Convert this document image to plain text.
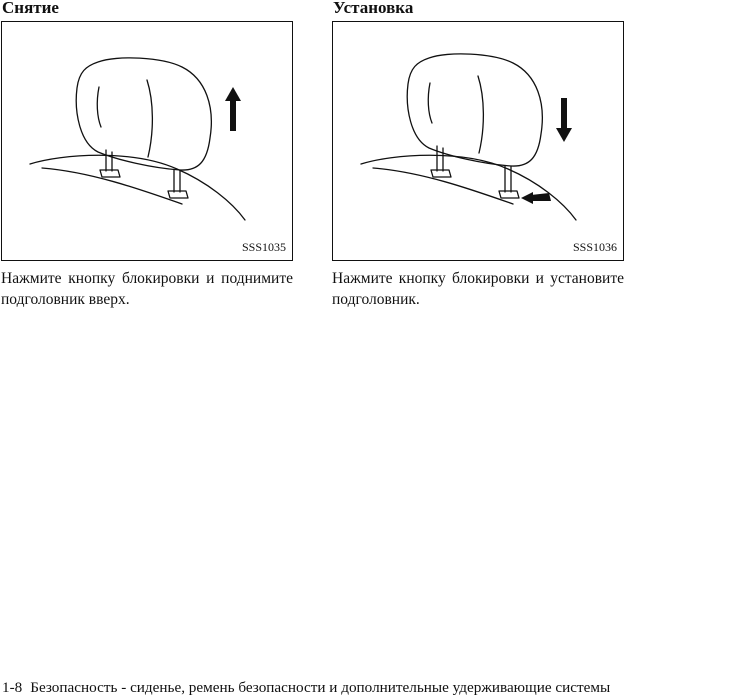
Снятие
SSS1035

Нажмите кнопку блокировки и поднимите подголовник вверх.

Установка
SSS1036

Нажмите кнопку блокировки и установите подголовник.

1-8 Безопасность - сиденье, ремень безопасности и дополнительные удерживающие системы
